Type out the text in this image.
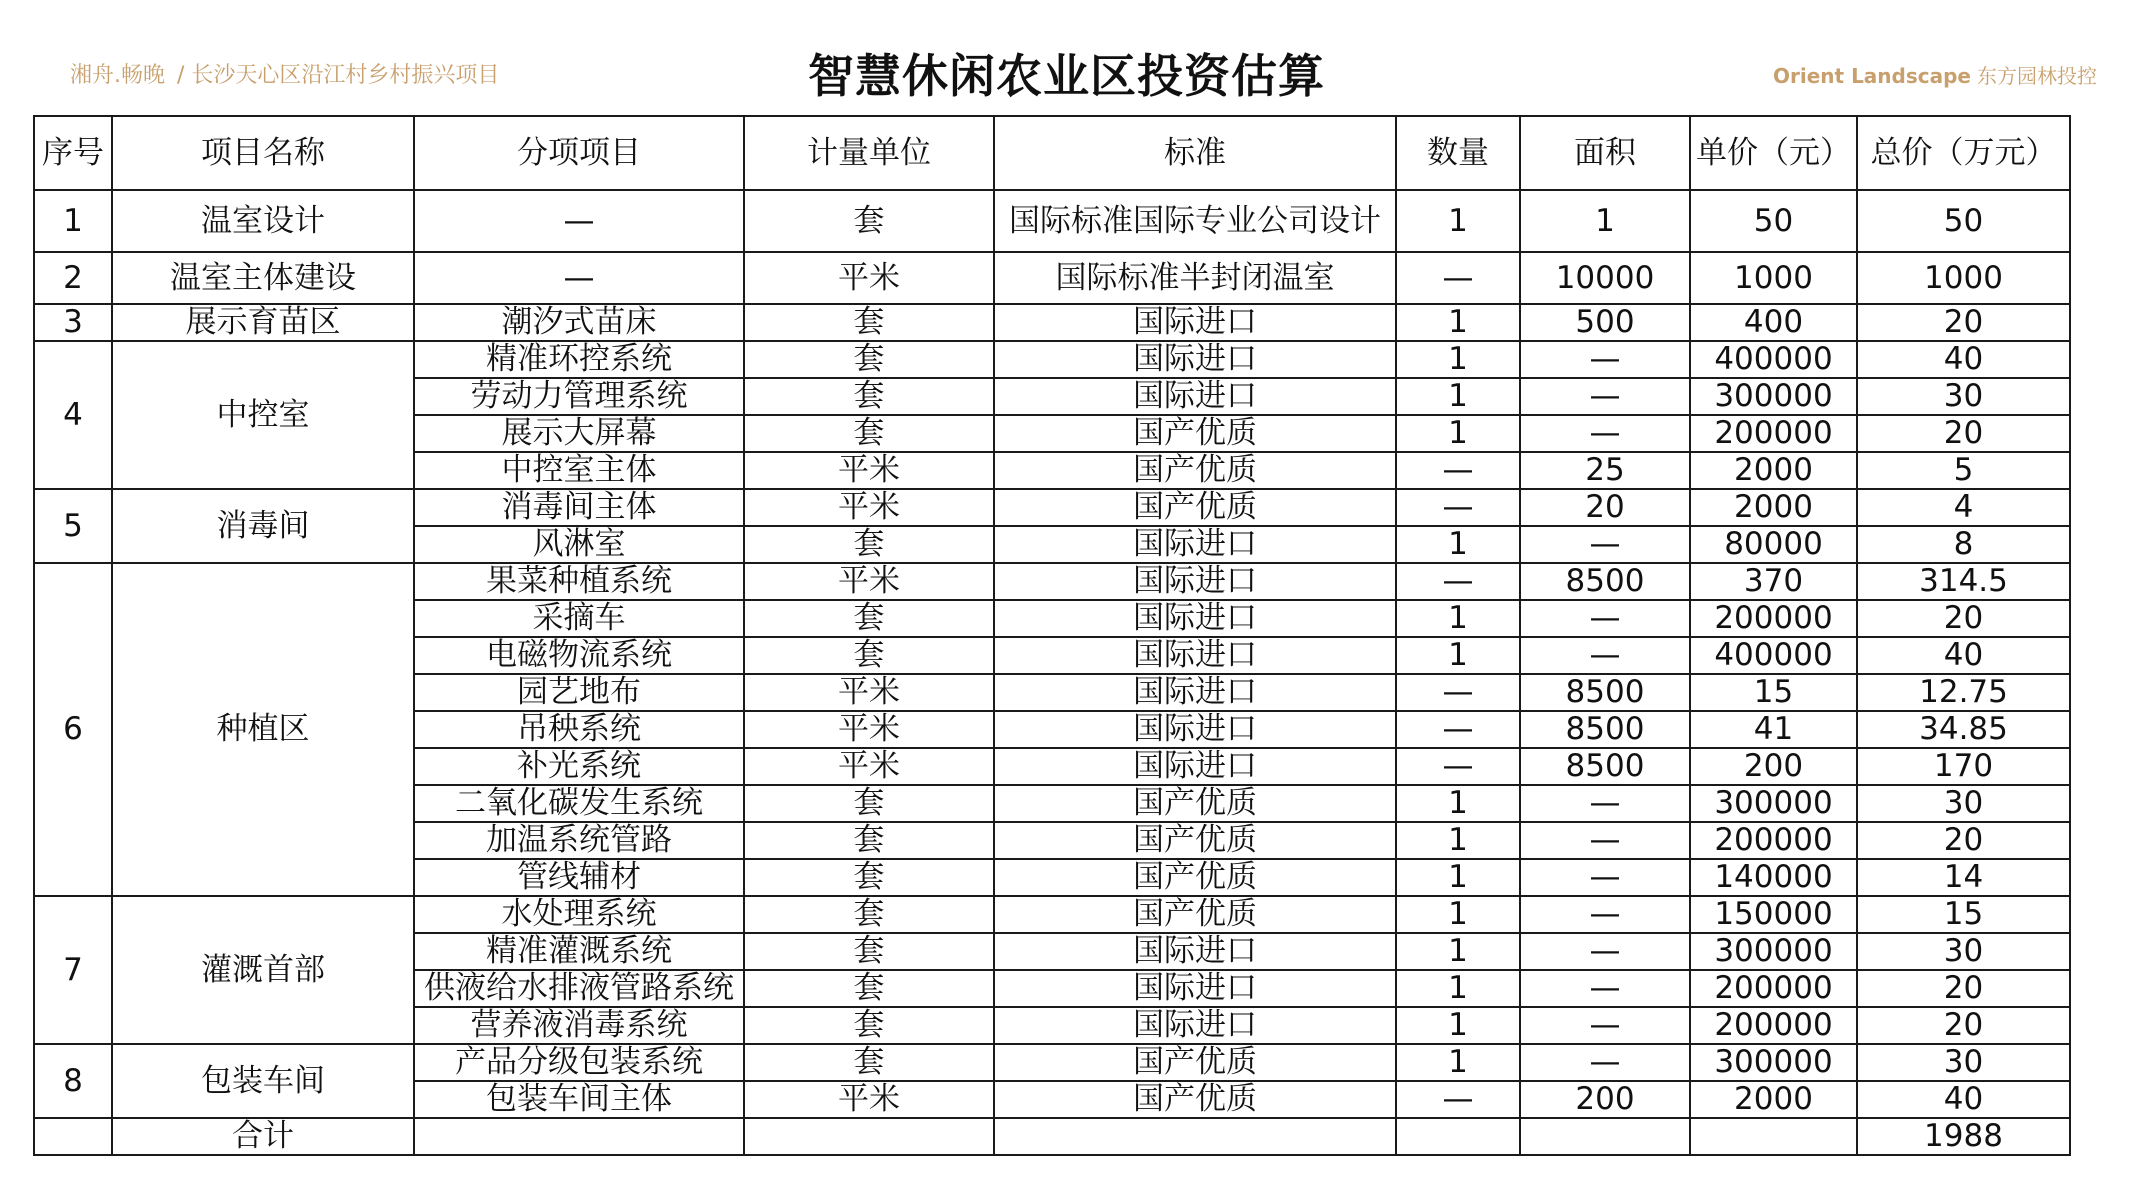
湘舟.畅晚 / 长沙天心区沿江村乡村振兴项目	智慧休闲农业区投资估算	Orient Landscape 东方园林投控
序号	项目名称	分项项目	计量单位	标准	数量	面积	单价（元）	总价（万元）
1	温室设计	—	套	国际标准国际专业公司设计	1	1	50	50
2	温室主体建设	—	平米	国际标准半封闭温室	—	10000	1000	1000
3	展示育苗区	潮汐式苗床	套	国际进口	1	500	400	20
4	中控室	精准环控系统	套	国际进口	1	—	400000	40
		劳动力管理系统	套	国际进口	1	—	300000	30
		展示大屏幕	套	国产优质	1	—	200000	20
		中控室主体	平米	国产优质	—	25	2000	5
5	消毒间	消毒间主体	平米	国产优质	—	20	2000	4
		风淋室	套	国际进口	1	—	80000	8
6	种植区	果菜种植系统	平米	国际进口	—	8500	370	314.5
		采摘车	套	国际进口	1	—	200000	20
		电磁物流系统	套	国际进口	1	—	400000	40
		园艺地布	平米	国际进口	—	8500	15	12.75
		吊秧系统	平米	国际进口	—	8500	41	34.85
		补光系统	平米	国际进口	—	8500	200	170
		二氧化碳发生系统	套	国产优质	1	—	300000	30
		加温系统管路	套	国产优质	1	—	200000	20
		管线辅材	套	国产优质	1	—	140000	14
7	灌溉首部	水处理系统	套	国产优质	1	—	150000	15
		精准灌溉系统	套	国际进口	1	—	300000	30
		供液给水排液管路系统	套	国际进口	1	—	200000	20
		营养液消毒系统	套	国际进口	1	—	200000	20
8	包装车间	产品分级包装系统	套	国产优质	1	—	300000	30
		包装车间主体	平米	国产优质	—	200	2000	40
	合计							1988
